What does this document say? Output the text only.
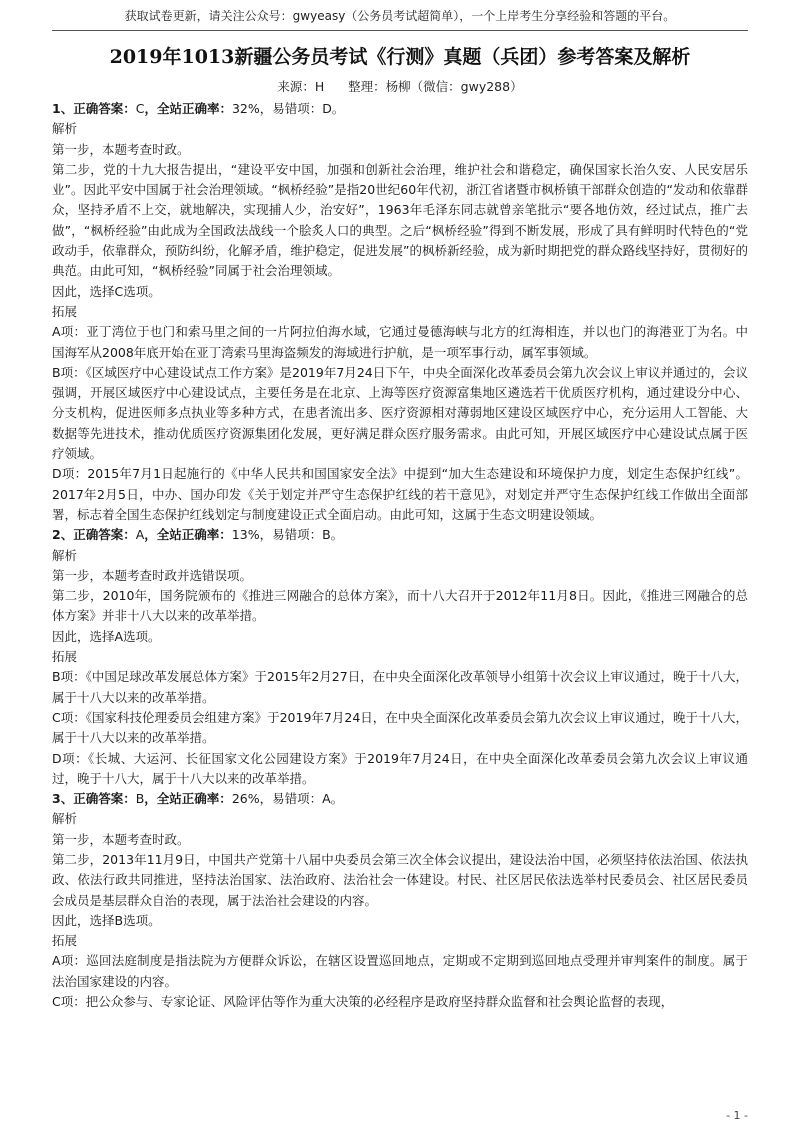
获取试卷更新，请关注公众号：gwyeasy（公务员考试超简单），一个上岸考生分享经验和答题的平台。
2019年1013新疆公务员考试《行测》真题（兵团）参考答案及解析
来源：H 整理：杨柳（微信：gwy288）

1、正确答案：C，全站正确率：32%，易错项：D。

解析

第一步，本题考查时政。

第二步，党的十九大报告提出，“建设平安中国，加强和创新社会治理，维护社会和谐稳定，确保国家长治久安、人民安居乐业”。因此平安中国属于社会治理领域。“枫桥经验”是指20世纪60年代初，浙江省诸暨市枫桥镇干部群众创造的“发动和依靠群众，坚持矛盾不上交，就地解决，实现捕人少，治安好”，1963年毛泽东同志就曾亲笔批示“要各地仿效，经过试点，推广去做”，“枫桥经验”由此成为全国政法战线一个脍炙人口的典型。之后“枫桥经验”得到不断发展，形成了具有鲜明时代特色的“党政动手，依靠群众，预防纠纷，化解矛盾，维护稳定，促进发展”的枫桥新经验，成为新时期把党的群众路线坚持好，贯彻好的典范。由此可知，“枫桥经验”同属于社会治理领域。

因此，选择C选项。

拓展

A项：亚丁湾位于也门和索马里之间的一片阿拉伯海水域，它通过曼德海峡与北方的红海相连，并以也门的海港亚丁为名。中国海军从2008年底开始在亚丁湾索马里海盗频发的海域进行护航，是一项军事行动，属军事领域。

B项：《区域医疗中心建设试点工作方案》是2019年7月24日下午，中央全面深化改革委员会第九次会议上审议并通过的，会议强调，开展区域医疗中心建设试点，主要任务是在北京、上海等医疗资源富集地区遴选若干优质医疗机构，通过建设分中心、分支机构，促进医师多点执业等多种方式，在患者流出多、医疗资源相对薄弱地区建设区域医疗中心，充分运用人工智能、大数据等先进技术，推动优质医疗资源集团化发展，更好满足群众医疗服务需求。由此可知，开展区域医疗中心建设试点属于医疗领域。

D项：2015年7月1日起施行的《中华人民共和国国家安全法》中提到“加大生态建设和环境保护力度，划定生态保护红线”。2017年2月5日，中办、国办印发《关于划定并严守生态保护红线的若干意见》，对划定并严守生态保护红线工作做出全面部署，标志着全国生态保护红线划定与制度建设正式全面启动。由此可知，这属于生态文明建设领域。

2、正确答案：A，全站正确率：13%，易错项：B。

解析

第一步，本题考查时政并选错误项。

第二步，2010年，国务院颁布的《推进三网融合的总体方案》，而十八大召开于2012年11月8日。因此，《推进三网融合的总体方案》并非十八大以来的改革举措。

因此，选择A选项。

拓展

B项：《中国足球改革发展总体方案》于2015年2月27日，在中央全面深化改革领导小组第十次会议上审议通过，晚于十八大，属于十八大以来的改革举措。

C项：《国家科技伦理委员会组建方案》于2019年7月24日，在中央全面深化改革委员会第九次会议上审议通过，晚于十八大，属于十八大以来的改革举措。

D项：《长城、大运河、长征国家文化公园建设方案》于2019年7月24日，在中央全面深化改革委员会第九次会议上审议通过，晚于十八大，属于十八大以来的改革举措。

3、正确答案：B，全站正确率：26%，易错项：A。

解析

第一步，本题考查时政。

第二步，2013年11月9日，中国共产党第十八届中央委员会第三次全体会议提出，建设法治中国，必须坚持依法治国、依法执政、依法行政共同推进，坚持法治国家、法治政府、法治社会一体建设。村民、社区居民依法选举村民委员会、社区居民委员会成员是基层群众自治的表现，属于法治社会建设的内容。

因此，选择B选项。

拓展

A项：巡回法庭制度是指法院为方便群众诉讼，在辖区设置巡回地点，定期或不定期到巡回地点受理并审判案件的制度。属于法治国家建设的内容。

C项：把公众参与、专家论证、风险评估等作为重大决策的必经程序是政府坚持群众监督和社会舆论监督的表现，

- 1 -
